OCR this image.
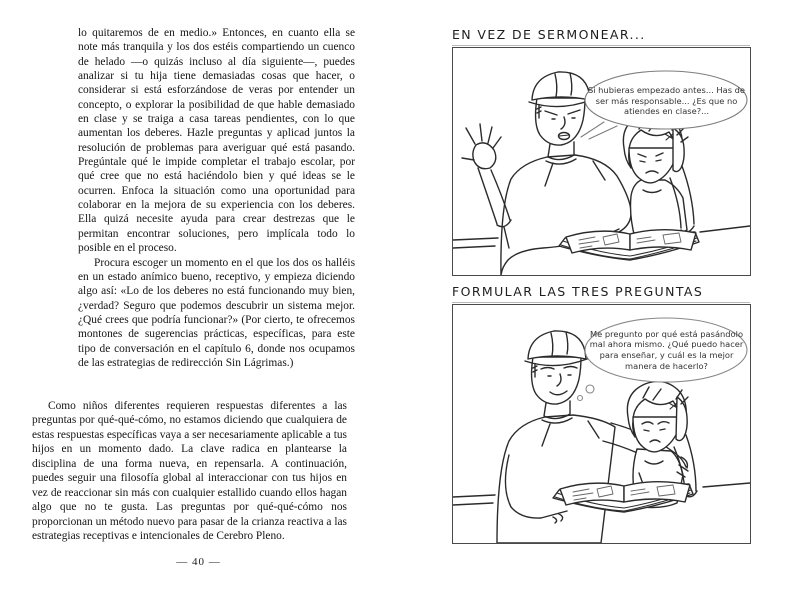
lo quitaremos de en medio.» Entonces, en cuanto ella se note más tranquila y los dos estéis compartiendo un cuenco de helado —o quizás incluso al día siguiente—, puedes analizar si tu hija tiene demasiadas cosas que hacer, o considerar si está esforzándose de veras por entender un concepto, o explorar la posibilidad de que hable demasiado en clase y se traiga a casa tareas pendientes, con lo que aumentan los deberes. Hazle preguntas y aplicad juntos la resolución de problemas para averiguar qué está pasando. Pregúntale qué le impide completar el trabajo escolar, por qué cree que no está haciéndolo bien y qué ideas se le ocurren. Enfoca la situación como una oportunidad para colaborar en la mejora de su experiencia con los deberes. Ella quizá necesite ayuda para crear destrezas que le permitan encontrar soluciones, pero implícala todo lo posible en el proceso.

Procura escoger un momento en el que los dos os halléis en un estado anímico bueno, receptivo, y empieza diciendo algo así: «Lo de los deberes no está funcionando muy bien, ¿verdad? Seguro que podemos descubrir un sistema mejor. ¿Qué crees que podría funcionar?» (Por cierto, te ofrecemos montones de sugerencias prácticas, específicas, para este tipo de conversación en el capítulo 6, donde nos ocupamos de las estrategias de redirección Sin Lágrimas.)

Como niños diferentes requieren respuestas diferentes a las preguntas por qué-qué-cómo, no estamos diciendo que cualquiera de estas respuestas específicas vaya a ser necesariamente aplicable a tus hijos en un momento dado. La clave radica en plantearse la disciplina de una forma nueva, en repensarla. A continuación, puedes seguir una filosofía global al interaccionar con tus hijos en vez de reaccionar sin más con cualquier estallido cuando ellos hagan algo que no te gusta. Las preguntas por qué-qué-cómo nos proporcionan un método nuevo para pasar de la crianza reactiva a las estrategias receptivas e intencionales de Cerebro Pleno.

— 40 —
EN VEZ DE SERMONEAR...
Si hubieras empezado antes... Has de ser más responsable... ¿Es que no atiendes en clase?...
FORMULAR LAS TRES PREGUNTAS
Me pregunto por qué está pasándolo mal ahora mismo. ¿Qué puedo hacer para enseñar, y cuál es la mejor manera de hacerlo?
